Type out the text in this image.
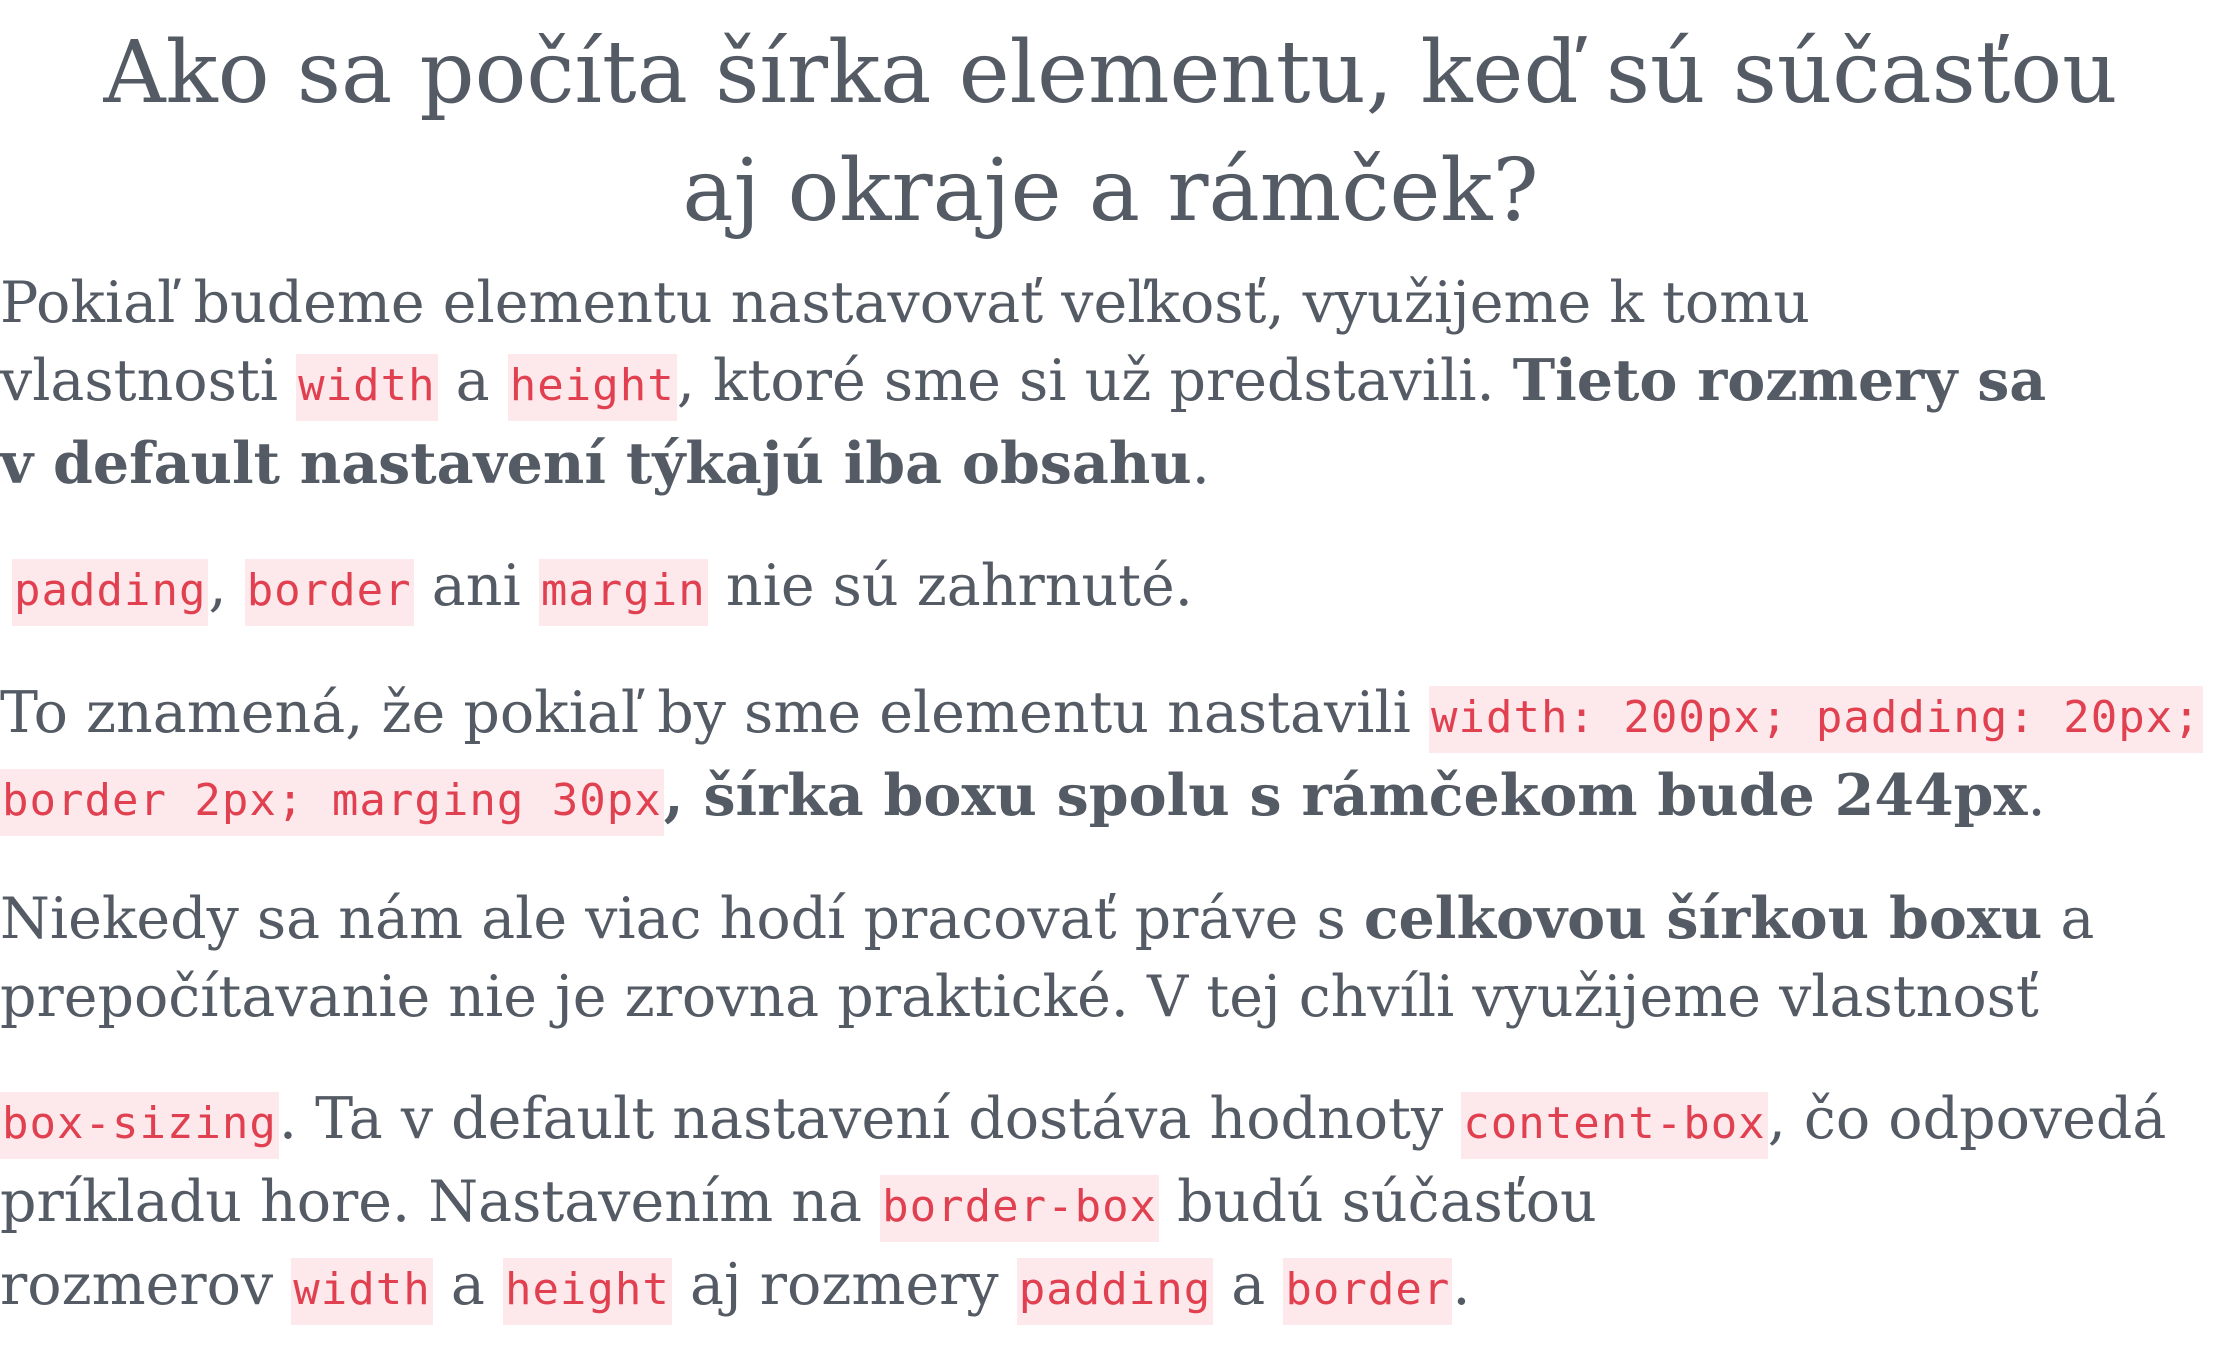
Ako sa počíta šírka elementu, keď sú súčasťou
aj okraje a rámček?

Pokiaľ budeme elementu nastavovať veľkosť, využijeme k tomu
vlastnosti width a height, ktoré sme si už predstavili. Tieto rozmery sa
v default nastavení týkajú iba obsahu.

padding, border ani margin nie sú zahrnuté.

To znamená, že pokiaľ by sme elementu nastavili width: 200px; padding: 20px;
border 2px; marging 30px, šírka boxu spolu s rámčekom bude 244px.

Niekedy sa nám ale viac hodí pracovať práve s celkovou šírkou boxu a
prepočítavanie nie je zrovna praktické. V tej chvíli využijeme vlastnosť

box-sizing. Ta v default nastavení dostáva hodnoty content-box, čo odpovedá
príkladu hore. Nastavením na border-box budú súčasťou
rozmerov width a height aj rozmery padding a border.
